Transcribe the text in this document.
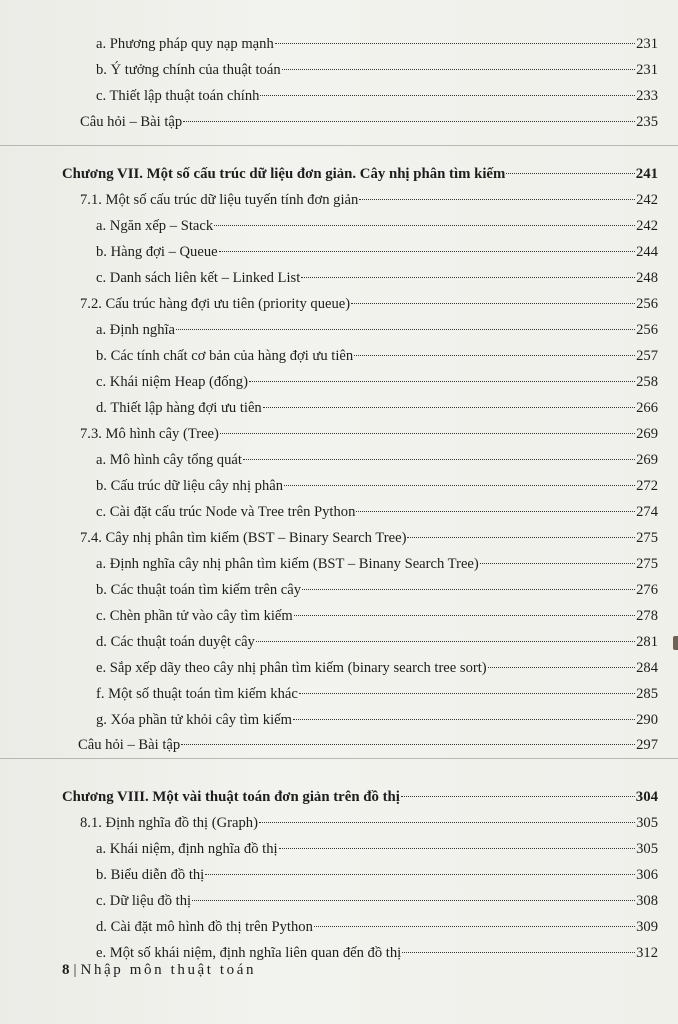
a. Phương pháp quy nạp mạnh	231
b. Ý tưởng chính của thuật toán	231
c. Thiết lập thuật toán chính	233
Câu hỏi – Bài tập	235
Chương VII. Một số cấu trúc dữ liệu đơn giản. Cây nhị phân tìm kiếm	241
7.1. Một số cấu trúc dữ liệu tuyến tính đơn giản	242
a. Ngăn xếp – Stack	242
b. Hàng đợi – Queue	244
c. Danh sách liên kết – Linked List	248
7.2. Cấu trúc hàng đợi ưu tiên (priority queue)	256
a. Định nghĩa	256
b. Các tính chất cơ bản của hàng đợi ưu tiên	257
c. Khái niệm Heap (đống)	258
d. Thiết lập hàng đợi ưu tiên	266
7.3. Mô hình cây (Tree)	269
a. Mô hình cây tổng quát	269
b. Cấu trúc dữ liệu cây nhị phân	272
c. Cài đặt cấu trúc Node và Tree trên Python	274
7.4. Cây nhị phân tìm kiếm (BST – Binary Search Tree)	275
a. Định nghĩa cây nhị phân tìm kiếm (BST – Binany Search Tree)	275
b. Các thuật toán tìm kiếm trên cây	276
c. Chèn phần tử vào cây tìm kiếm	278
d. Các thuật toán duyệt cây	281
e. Sắp xếp dãy theo cây nhị phân tìm kiếm (binary search tree sort)	284
f. Một số thuật toán tìm kiếm khác	285
g. Xóa phần tử khỏi cây tìm kiếm	290
Câu hỏi – Bài tập	297
Chương VIII. Một vài thuật toán đơn giản trên đồ thị	304
8.1. Định nghĩa đồ thị (Graph)	305
a. Khái niệm, định nghĩa đồ thị	305
b. Biểu diễn đồ thị	306
c. Dữ liệu đồ thị	308
d. Cài đặt mô hình đồ thị trên Python	309
e. Một số khái niệm, định nghĩa liên quan đến đồ thị	312
8 | Nhập môn thuật toán
